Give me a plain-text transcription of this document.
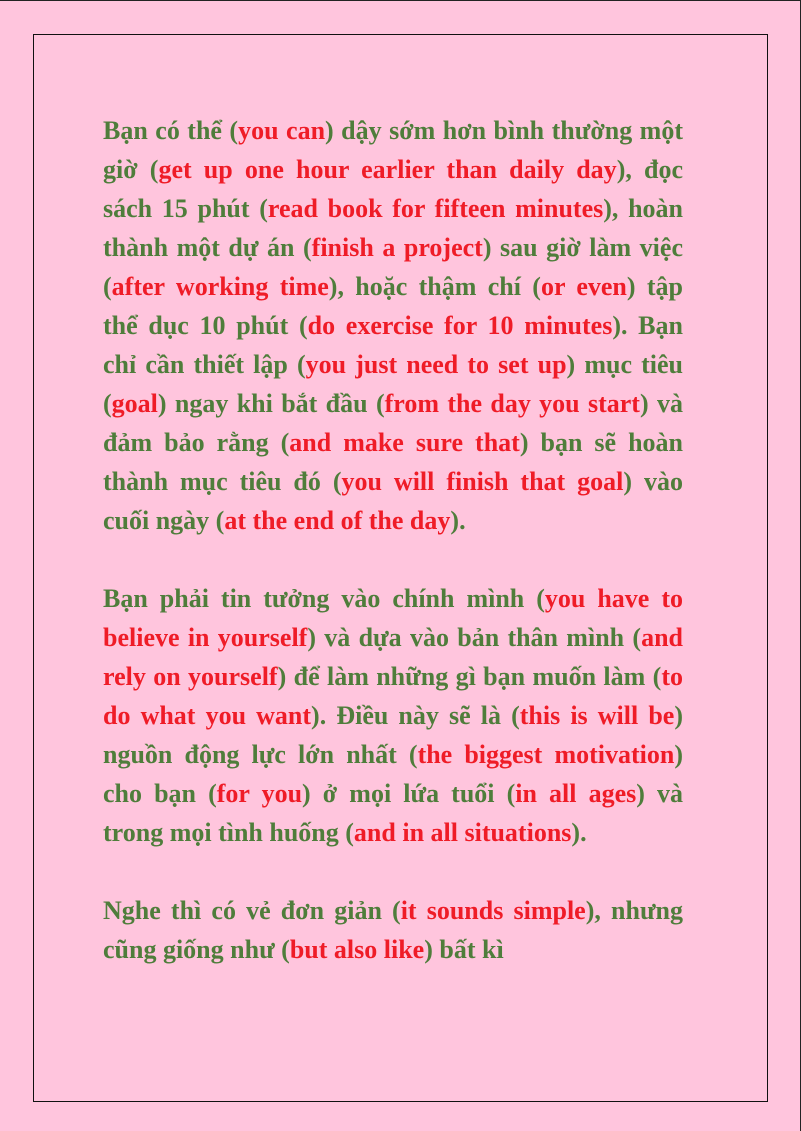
Bạn có thể (you can) dậy sớm hơn bình thường một giờ (get up one hour earlier than daily day), đọc sách 15 phút (read book for fifteen minutes), hoàn thành một dự án (finish a project) sau giờ làm việc (after working time), hoặc thậm chí (or even) tập thể dục 10 phút (do exercise for 10 minutes). Bạn chỉ cần thiết lập (you just need to set up) mục tiêu (goal) ngay khi bắt đầu (from the day you start) và đảm bảo rằng (and make sure that) bạn sẽ hoàn thành mục tiêu đó (you will finish that goal) vào cuối ngày (at the end of the day).

Bạn phải tin tưởng vào chính mình (you have to believe in yourself) và dựa vào bản thân mình (and rely on yourself) để làm những gì bạn muốn làm (to do what you want). Điều này sẽ là (this is will be) nguồn động lực lớn nhất (the biggest motivation) cho bạn (for you) ở mọi lứa tuổi (in all ages) và trong mọi tình huống (and in all situations).

Nghe thì có vẻ đơn giản (it sounds simple), nhưng cũng giống như (but also like) bất kì
